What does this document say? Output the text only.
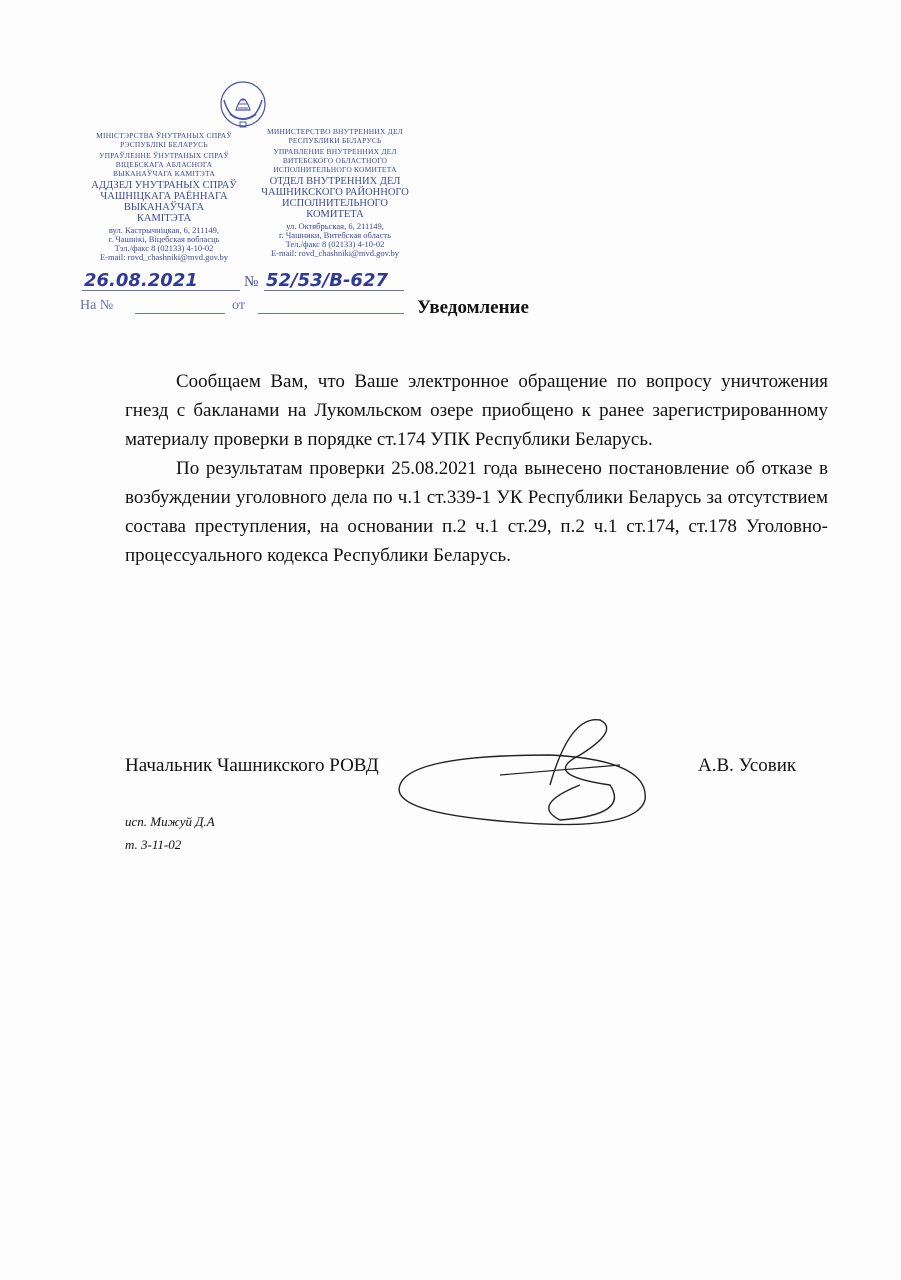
МІНІСТЭРСТВА ЎНУТРАНЫХ СПРАЎ
РЭСПУБЛІКІ БЕЛАРУСЬ
УПРАЎЛЕННЕ ЎНУТРАНЫХ СПРАЎ
ВІЦЕБСКАГА АБЛАСНОГА
ВЫКАНАЎЧАГА КАМІТЭТА
АДДЗЕЛ УНУТРАНЫХ СПРАЎ
ЧАШНІЦКАГА РАЁННАГА
ВЫКАНАЎЧАГА
КАМІТЭТА
вул. Кастрычніцкая, 6, 211149,
г. Чашнікі, Віцебская вобласць
Тэл./факс 8 (02133) 4-10-02
E-mail: rovd_chashniki@mvd.gov.by
МИНИСТЕРСТВО ВНУТРЕННИХ ДЕЛ
РЕСПУБЛИКИ БЕЛАРУСЬ
УПРАВЛЕНИЕ ВНУТРЕННИХ ДЕЛ
ВИТЕБСКОГО ОБЛАСТНОГО
ИСПОЛНИТЕЛЬНОГО КОМИТЕТА
ОТДЕЛ ВНУТРЕННИХ ДЕЛ
ЧАШНИКСКОГО РАЙОННОГО
ИСПОЛНИТЕЛЬНОГО
КОМИТЕТА
ул. Октябрьская, 6, 211149,
г. Чашники, Витебская область
Тел./факс 8 (02133) 4-10-02
E-mail: rovd_chashniki@mvd.gov.by
26.08.2021	№ 52/53/В-627
На №	от	Уведомление

Сообщаем Вам, что Ваше электронное обращение по вопросу уничтожения гнезд с бакланами на Лукомльском озере приобщено к ранее зарегистрированному материалу проверки в порядке ст.174 УПК Республики Беларусь.

По результатам проверки 25.08.2021 года вынесено постановление об отказе в возбуждении уголовного дела по ч.1 ст.339-1 УК Республики Беларусь за отсутствием состава преступления, на основании п.2 ч.1 ст.29, п.2 ч.1 ст.174, ст.178 Уголовно-процессуального кодекса Республики Беларусь.

Начальник Чашникского РОВД	А.В. Усовик
исп. Мижуй Д.А
т. 3-11-02
